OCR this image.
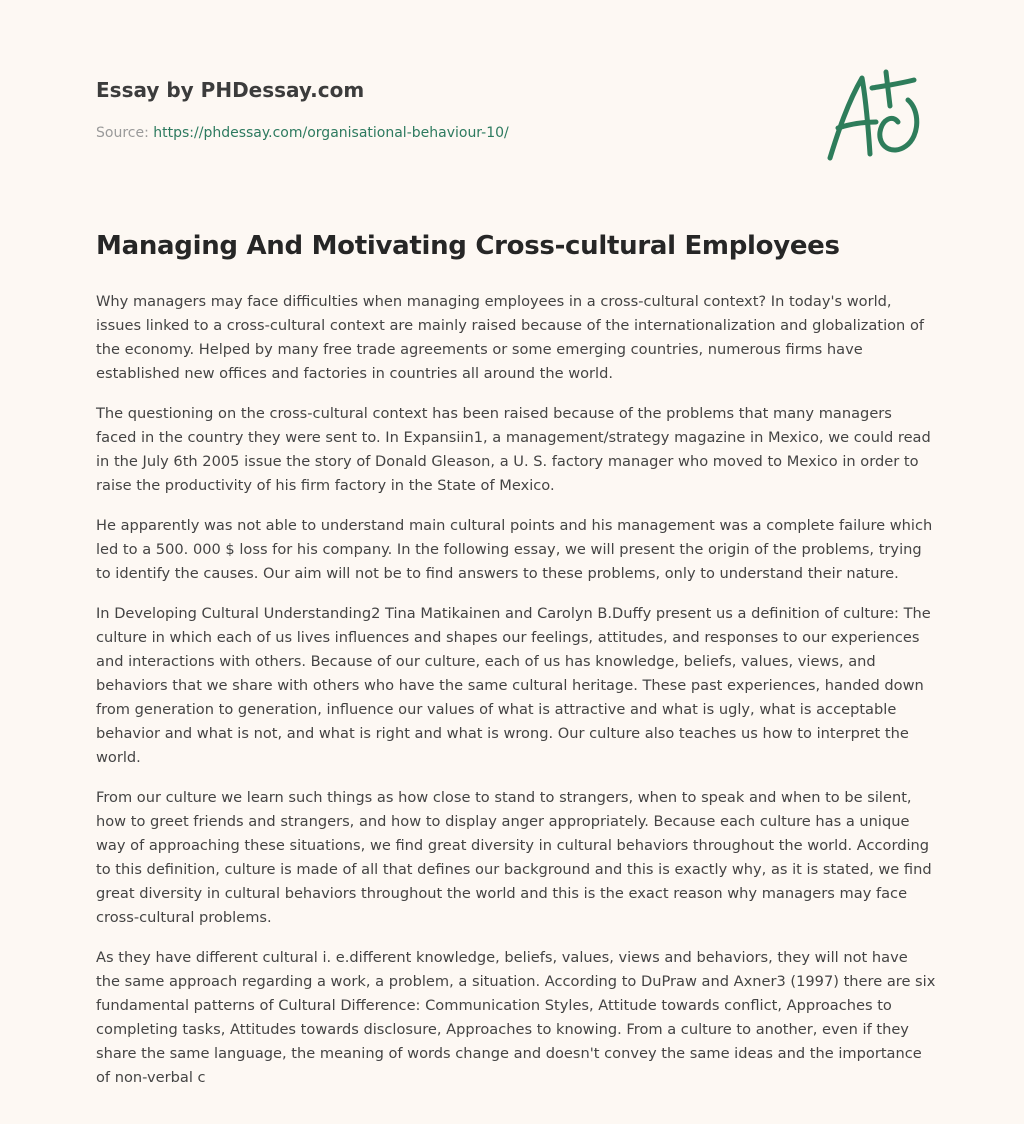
Essay by PHDessay.com
Source: https://phdessay.com/organisational-behaviour-10/
Managing And Motivating Cross-cultural Employees

Why managers may face difficulties when managing employees in a cross-cultural context? In today's world, issues linked to a cross-cultural context are mainly raised because of the internationalization and globalization of the economy. Helped by many free trade agreements or some emerging countries, numerous firms have established new offices and factories in countries all around the world.

The questioning on the cross-cultural context has been raised because of the problems that many managers faced in the country they were sent to. In Expansiin1, a management/strategy magazine in Mexico, we could read in the July 6th 2005 issue the story of Donald Gleason, a U. S. factory manager who moved to Mexico in order to raise the productivity of his firm factory in the State of Mexico.

He apparently was not able to understand main cultural points and his management was a complete failure which led to a 500. 000 $ loss for his company. In the following essay, we will present the origin of the problems, trying to identify the causes. Our aim will not be to find answers to these problems, only to understand their nature.

In Developing Cultural Understanding2 Tina Matikainen and Carolyn B.Duffy present us a definition of culture: The culture in which each of us lives influences and shapes our feelings, attitudes, and responses to our experiences and interactions with others. Because of our culture, each of us has knowledge, beliefs, values, views, and behaviors that we share with others who have the same cultural heritage. These past experiences, handed down from generation to generation, influence our values of what is attractive and what is ugly, what is acceptable behavior and what is not, and what is right and what is wrong. Our culture also teaches us how to interpret the world.

From our culture we learn such things as how close to stand to strangers, when to speak and when to be silent, how to greet friends and strangers, and how to display anger appropriately. Because each culture has a unique way of approaching these situations, we find great diversity in cultural behaviors throughout the world. According to this definition, culture is made of all that defines our background and this is exactly why, as it is stated, we find great diversity in cultural behaviors throughout the world and this is the exact reason why managers may face cross-cultural problems.

As they have different cultural i. e.different knowledge, beliefs, values, views and behaviors, they will not have the same approach regarding a work, a problem, a situation. According to DuPraw and Axner3 (1997) there are six fundamental patterns of Cultural Difference: Communication Styles, Attitude towards conflict, Approaches to completing tasks, Attitudes towards disclosure, Approaches to knowing. From a culture to another, even if they share the same language, the meaning of words change and doesn't convey the same ideas and the importance of non-verbal c
